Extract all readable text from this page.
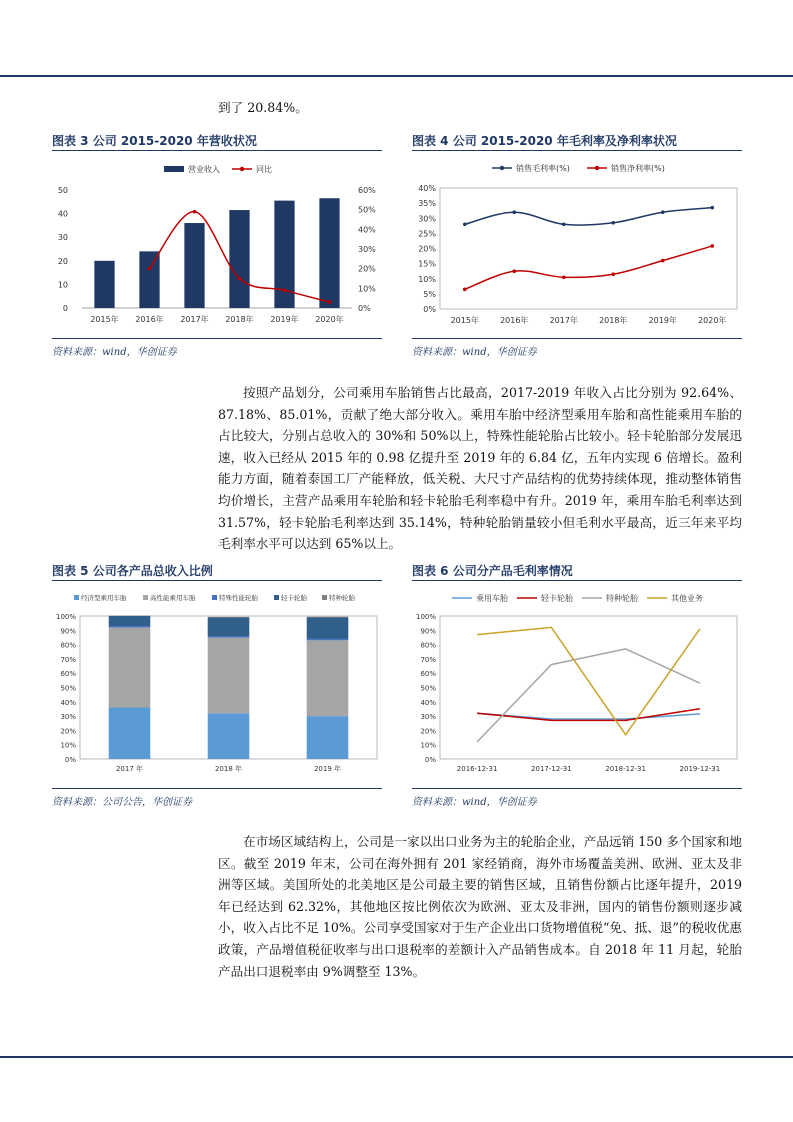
到了 20.84%。
图表 3 公司 2015-2020 年营收状况
营业收入	同比
0
10
20
30
40
50
0%
10%
20%
30%
40%
50%
60%
2015年 2016年 2017年 2018年 2019年 2020年
资料来源：wind，华创证券
图表 4 公司 2015-2020 年毛利率及净利率状况
销售毛利率(%)	销售净利率(%)
0%
5%
10%
15%
20%
25%
30%
35%
40%
2015年	2016年	2017年	2018年	2019年	2020年
资料来源：wind，华创证券
按照产品划分，公司乘用车胎销售占比最高，2017-2019 年收入占比分别为 92.64%、87.18%、85.01%，贡献了绝大部分收入。乘用车胎中经济型乘用车胎和高性能乘用车胎的占比较大，分别占总收入的 30%和 50%以上，特殊性能轮胎占比较小。轻卡轮胎部分发展迅速，收入已经从 2015 年的 0.98 亿提升至 2019 年的 6.84 亿，五年内实现 6 倍增长。盈利能力方面，随着泰国工厂产能释放，低关税、大尺寸产品结构的优势持续体现，推动整体销售均价增长，主营产品乘用车轮胎和轻卡轮胎毛利率稳中有升。2019 年，乘用车胎毛利率达到 31.57%，轻卡轮胎毛利率达到 35.14%，特种轮胎销量较小但毛利水平最高，近三年来平均毛利率水平可以达到 65%以上。
图表 5 公司各产品总收入比例
经济型乘用车胎	高性能乘用车胎	特殊性能轮胎	轻卡轮胎	特种轮胎
0%
10%
20%
30%
40%
50%
60%
70%
80%
90%
100%
2017 年	2018 年	2019 年
资料来源：公司公告，华创证券
图表 6 公司分产品毛利率情况
乘用车胎	轻卡轮胎	特种轮胎	其他业务
0%
10%
20%
30%
40%
50%
60%
70%
80%
90%
100%
2016-12-31	2017-12-31	2018-12-31	2019-12-31
资料来源：wind，华创证券
在市场区域结构上，公司是一家以出口业务为主的轮胎企业，产品远销 150 多个国家和地区。截至 2019 年末，公司在海外拥有 201 家经销商，海外市场覆盖美洲、欧洲、亚太及非洲等区域。美国所处的北美地区是公司最主要的销售区域，且销售份额占比逐年提升，2019 年已经达到 62.32%，其他地区按比例依次为欧洲、亚太及非洲，国内的销售份额则逐步减小，收入占比不足 10%。公司享受国家对于生产企业出口货物增值税“免、抵、退”的税收优惠政策，产品增值税征收率与出口退税率的差额计入产品销售成本。自 2018 年 11 月起，轮胎产品出口退税率由 9%调整至 13%。
